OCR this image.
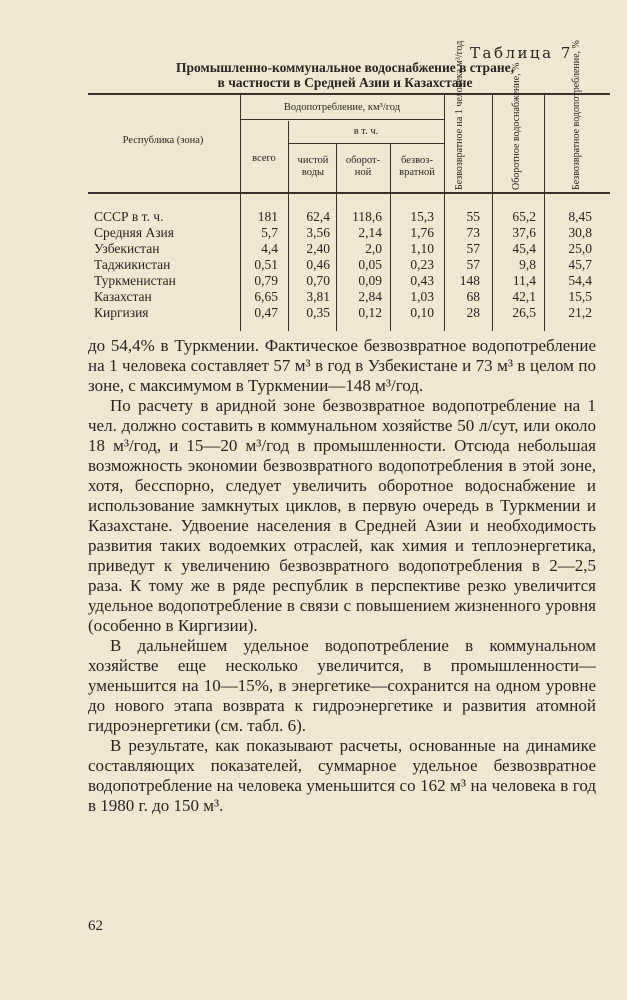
Таблица 7
Промышленно-коммунальное водоснабжение в стране,
в частности в Средней Азии и Казахстане
Республика (зона)
Водопотребление, км³/год
в т. ч.
всего	чистой воды
оборот-ной
безвоз-вратной	Безвозвратное на 1 человека м³/год	Оборотное водоснабжение, %	Безвозвратное водопотребление, %
СССР в т. ч.	181	62,4	118,6	15,3	55	65,2	8,45
Средняя Азия	5,7	3,56	2,14	1,76	73	37,6	30,8
Узбекистан	4,4	2,40	2,0	1,10	57	45,4	25,0
Таджикистан	0,51	0,46	0,05	0,23	57	9,8	45,7
Туркменистан	0,79	0,70	0,09	0,43	148	11,4	54,4
Казахстан	6,65	3,81	2,84	1,03	68	42,1	15,5
Киргизия	0,47	0,35	0,12	0,10	28	26,5	21,2

до 54,4% в Туркмении. Фактическое безвозвратное водопотребление на 1 человека составляет 57 м³ в год в Узбекистане и 73 м³ в целом по зоне, с максимумом в Туркмении—148 м³/год.

По расчету в аридной зоне безвозвратное водопотребление на 1 чел. должно составить в коммунальном хозяйстве 50 л/сут, или около 18 м³/год, и 15—20 м³/год в промышленности. Отсюда небольшая возможность экономии безвозвратного водопотребления в этой зоне, хотя, бесспорно, следует увеличить оборотное водоснабжение и использование замкнутых циклов, в первую очередь в Туркмении и Казахстане. Удвоение населения в Средней Азии и необходимость развития таких водоемких отраслей, как химия и теплоэнергетика, приведут к увеличению безвозвратного водопотребления в 2—2,5 раза. К тому же в ряде республик в перспективе резко увеличится удельное водопотребление в связи с повышением жизненного уровня (особенно в Киргизии).

В дальнейшем удельное водопотребление в коммунальном хозяйстве еще несколько увеличится, в промышленности—уменьшится на 10—15%, в энергетике—сохранится на одном уровне до нового этапа возврата к гидроэнергетике и развития атомной гидроэнергетики (см. табл. 6).

В результате, как показывают расчеты, основанные на динамике составляющих показателей, суммарное удельное безвозвратное водопотребление на человека уменьшится со 162 м³ на человека в год в 1980 г. до 150 м³.

62
